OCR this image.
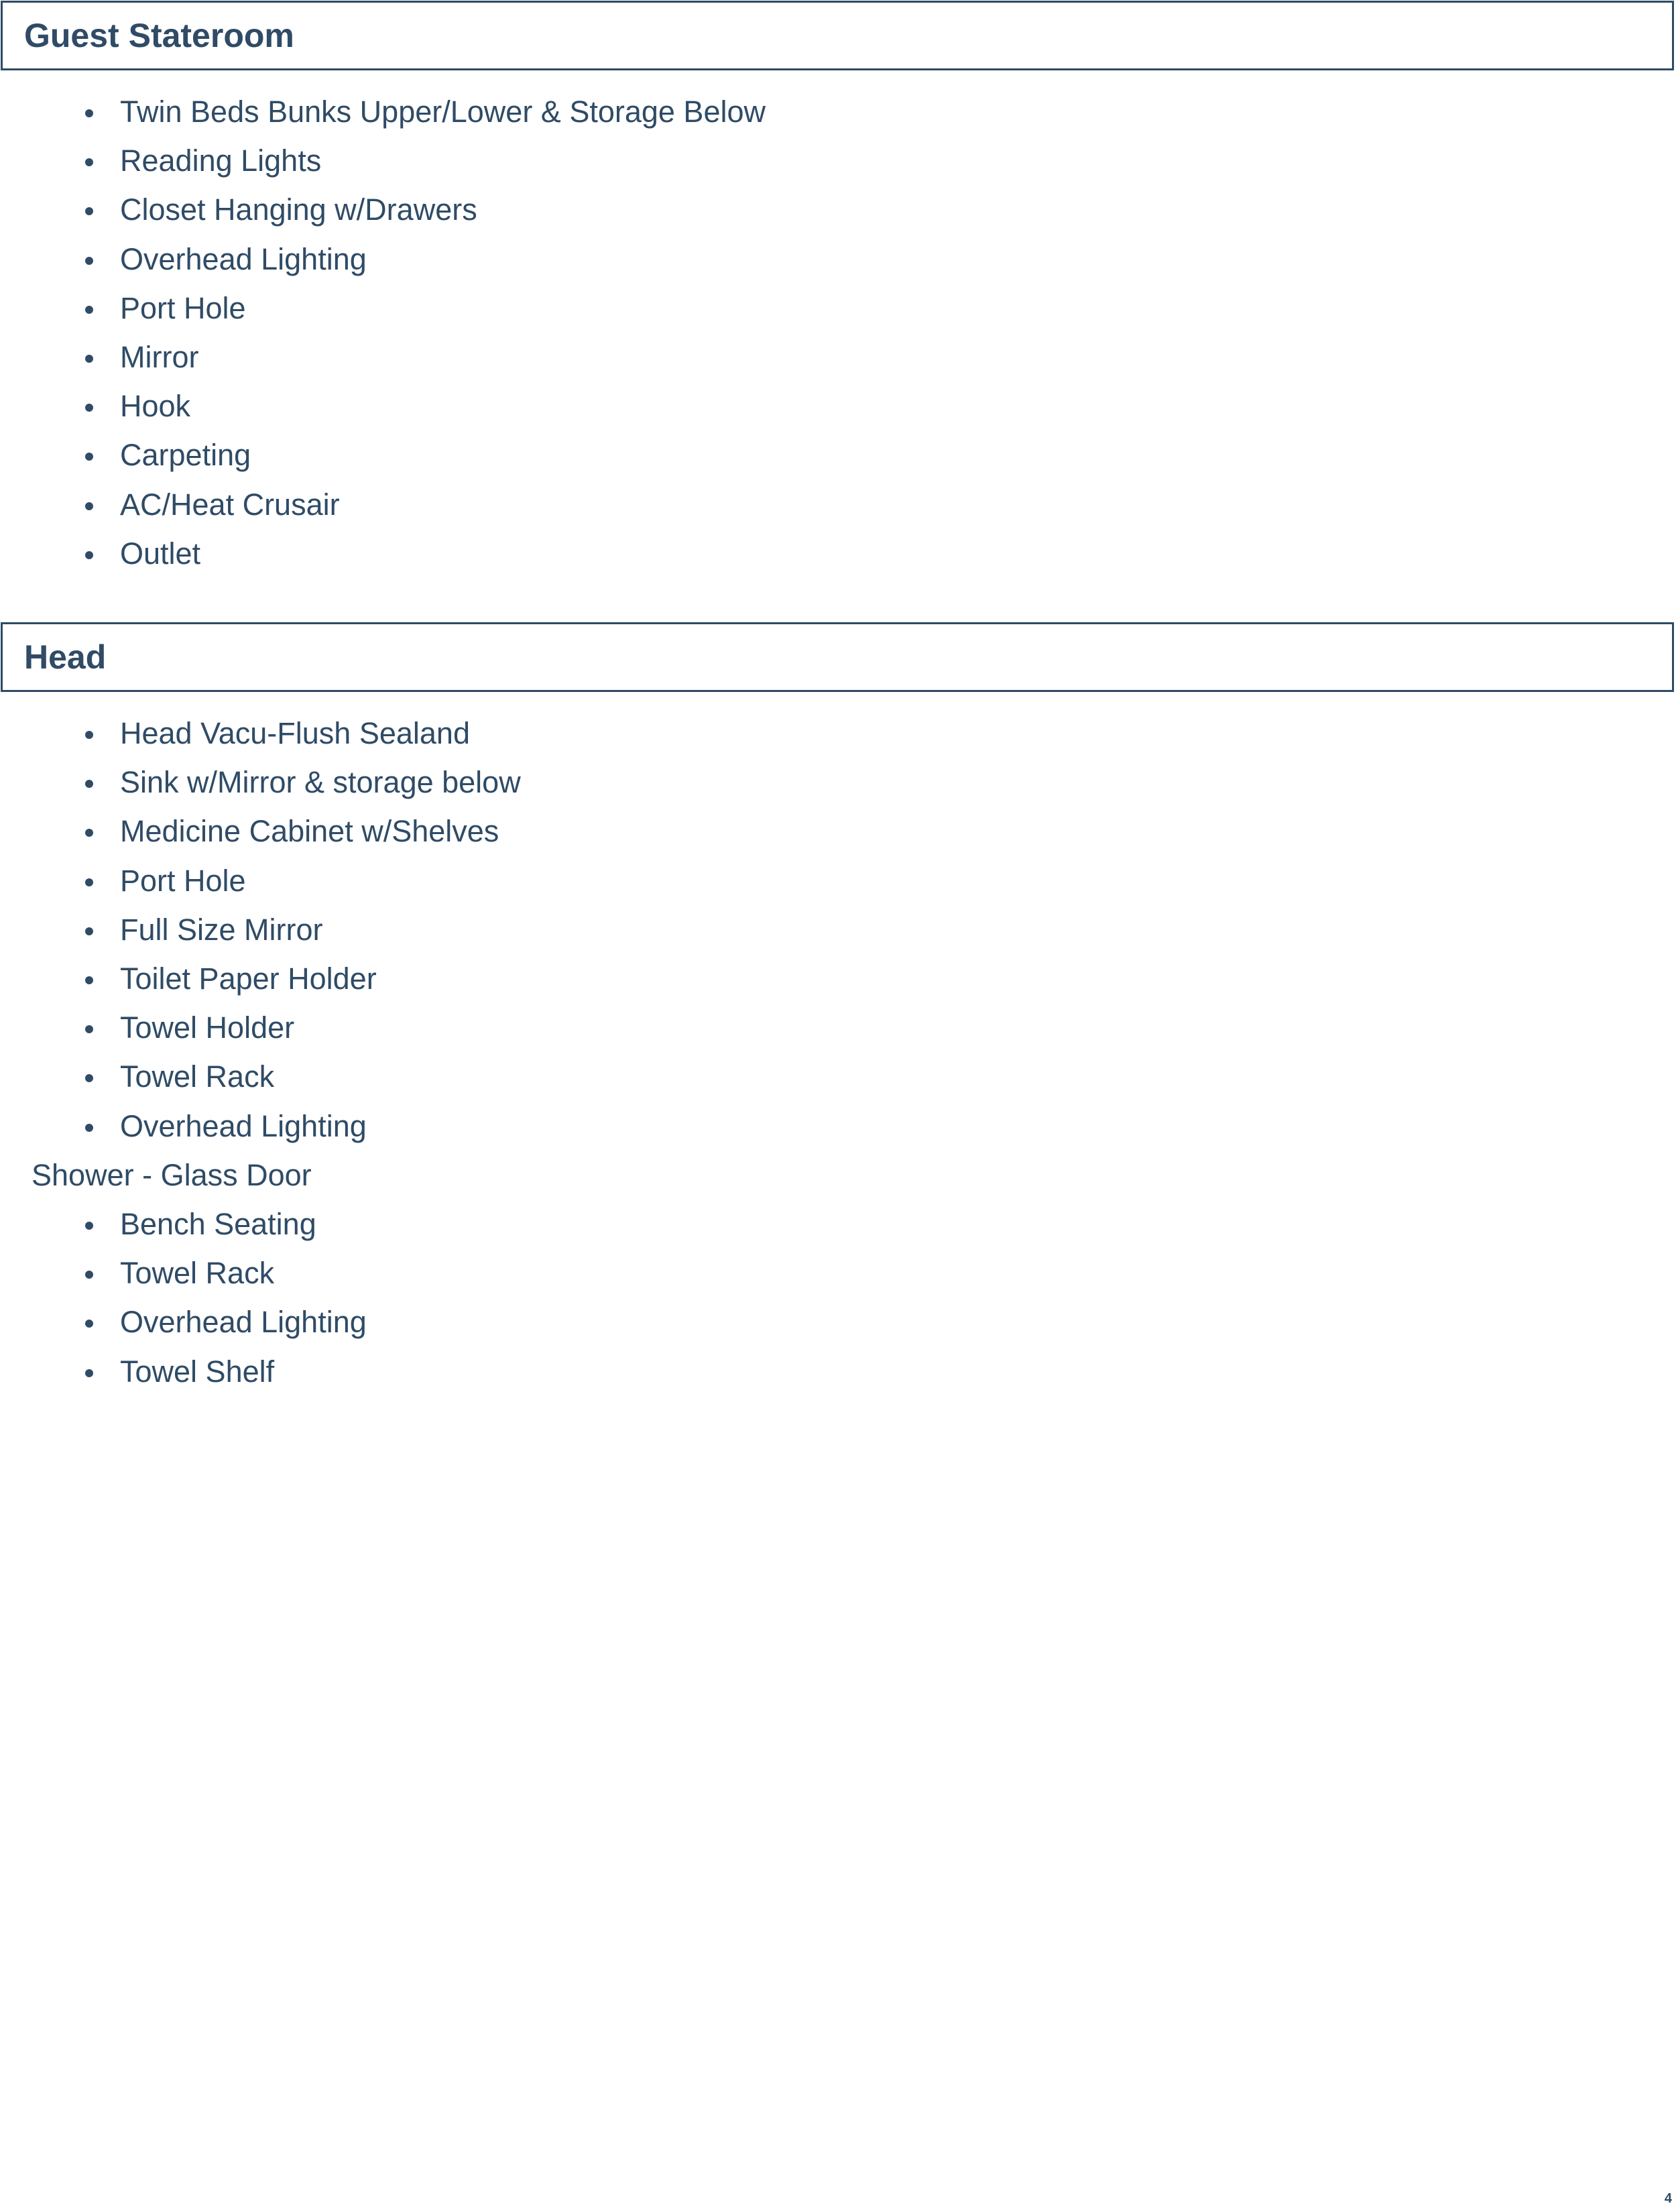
Guest Stateroom
Twin Beds Bunks Upper/Lower & Storage Below
Reading Lights
Closet Hanging w/Drawers
Overhead Lighting
Port Hole
Mirror
Hook
Carpeting
AC/Heat Crusair
Outlet
Head
Head Vacu-Flush Sealand
Sink w/Mirror & storage below
Medicine Cabinet w/Shelves
Port Hole
Full Size Mirror
Toilet Paper Holder
Towel Holder
Towel Rack
Overhead Lighting
Shower - Glass Door
Bench Seating
Towel Rack
Overhead Lighting
Towel Shelf
4
